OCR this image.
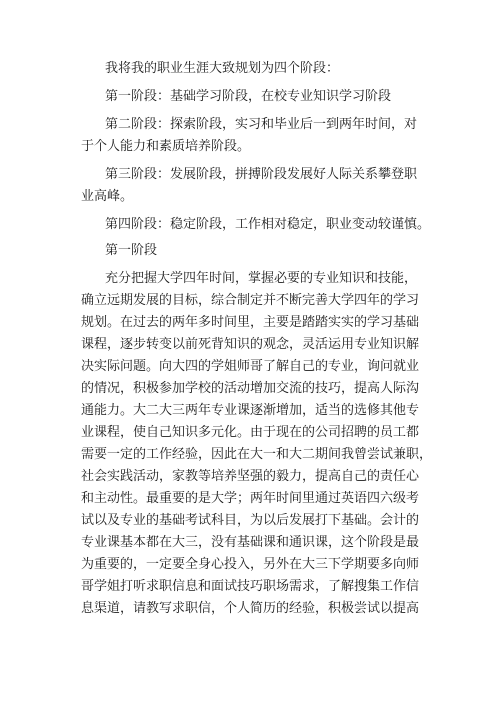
我将我的职业生涯大致规划为四个阶段：
第一阶段：基础学习阶段，在校专业知识学习阶段
第二阶段：探索阶段，实习和毕业后一到两年时间，对
于个人能力和素质培养阶段。
第三阶段：发展阶段，拼搏阶段发展好人际关系攀登职
业高峰。
第四阶段：稳定阶段，工作相对稳定，职业变动较谨慎。
第一阶段
充分把握大学四年时间，掌握必要的专业知识和技能，
确立远期发展的目标，综合制定并不断完善大学四年的学习
规划。在过去的两年多时间里，主要是踏踏实实的学习基础
课程，逐步转变以前死背知识的观念，灵活运用专业知识解
决实际问题。向大四的学姐师哥了解自己的专业，询问就业
的情况，积极参加学校的活动增加交流的技巧，提高人际沟
通能力。大二大三两年专业课逐渐增加，适当的选修其他专
业课程，使自己知识多元化。由于现在的公司招聘的员工都
需要一定的工作经验，因此在大一和大二期间我曾尝试兼职，
社会实践活动，家教等培养坚强的毅力，提高自己的责任心
和主动性。最重要的是大学；两年时间里通过英语四六级考
试以及专业的基础考试科目，为以后发展打下基础。会计的
专业课基本都在大三，没有基础课和通识课，这个阶段是最
为重要的，一定要全身心投入，另外在大三下学期要多向师
哥学姐打听求职信息和面试技巧职场需求，了解搜集工作信
息渠道，请教写求职信，个人简历的经验，积极尝试以提高
